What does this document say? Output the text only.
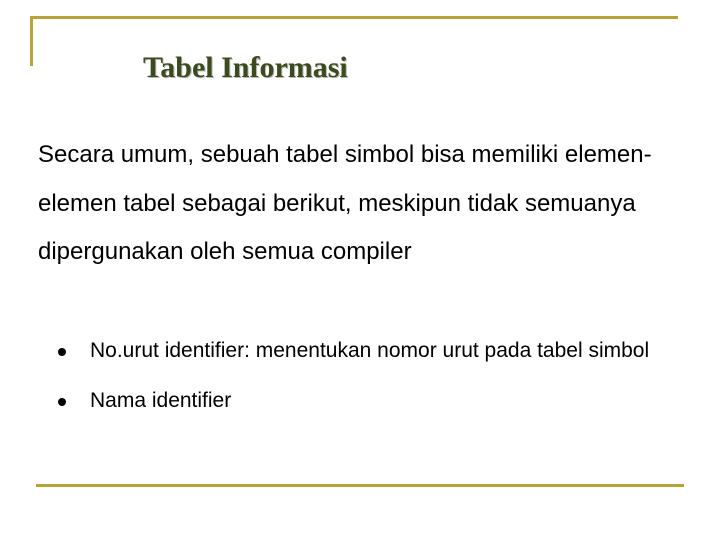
Tabel Informasi

Secara umum, sebuah tabel simbol bisa memiliki elemen-elemen tabel sebagai berikut, meskipun tidak semuanya dipergunakan oleh semua compiler

No.urut identifier: menentukan nomor urut pada tabel simbol
Nama identifier
